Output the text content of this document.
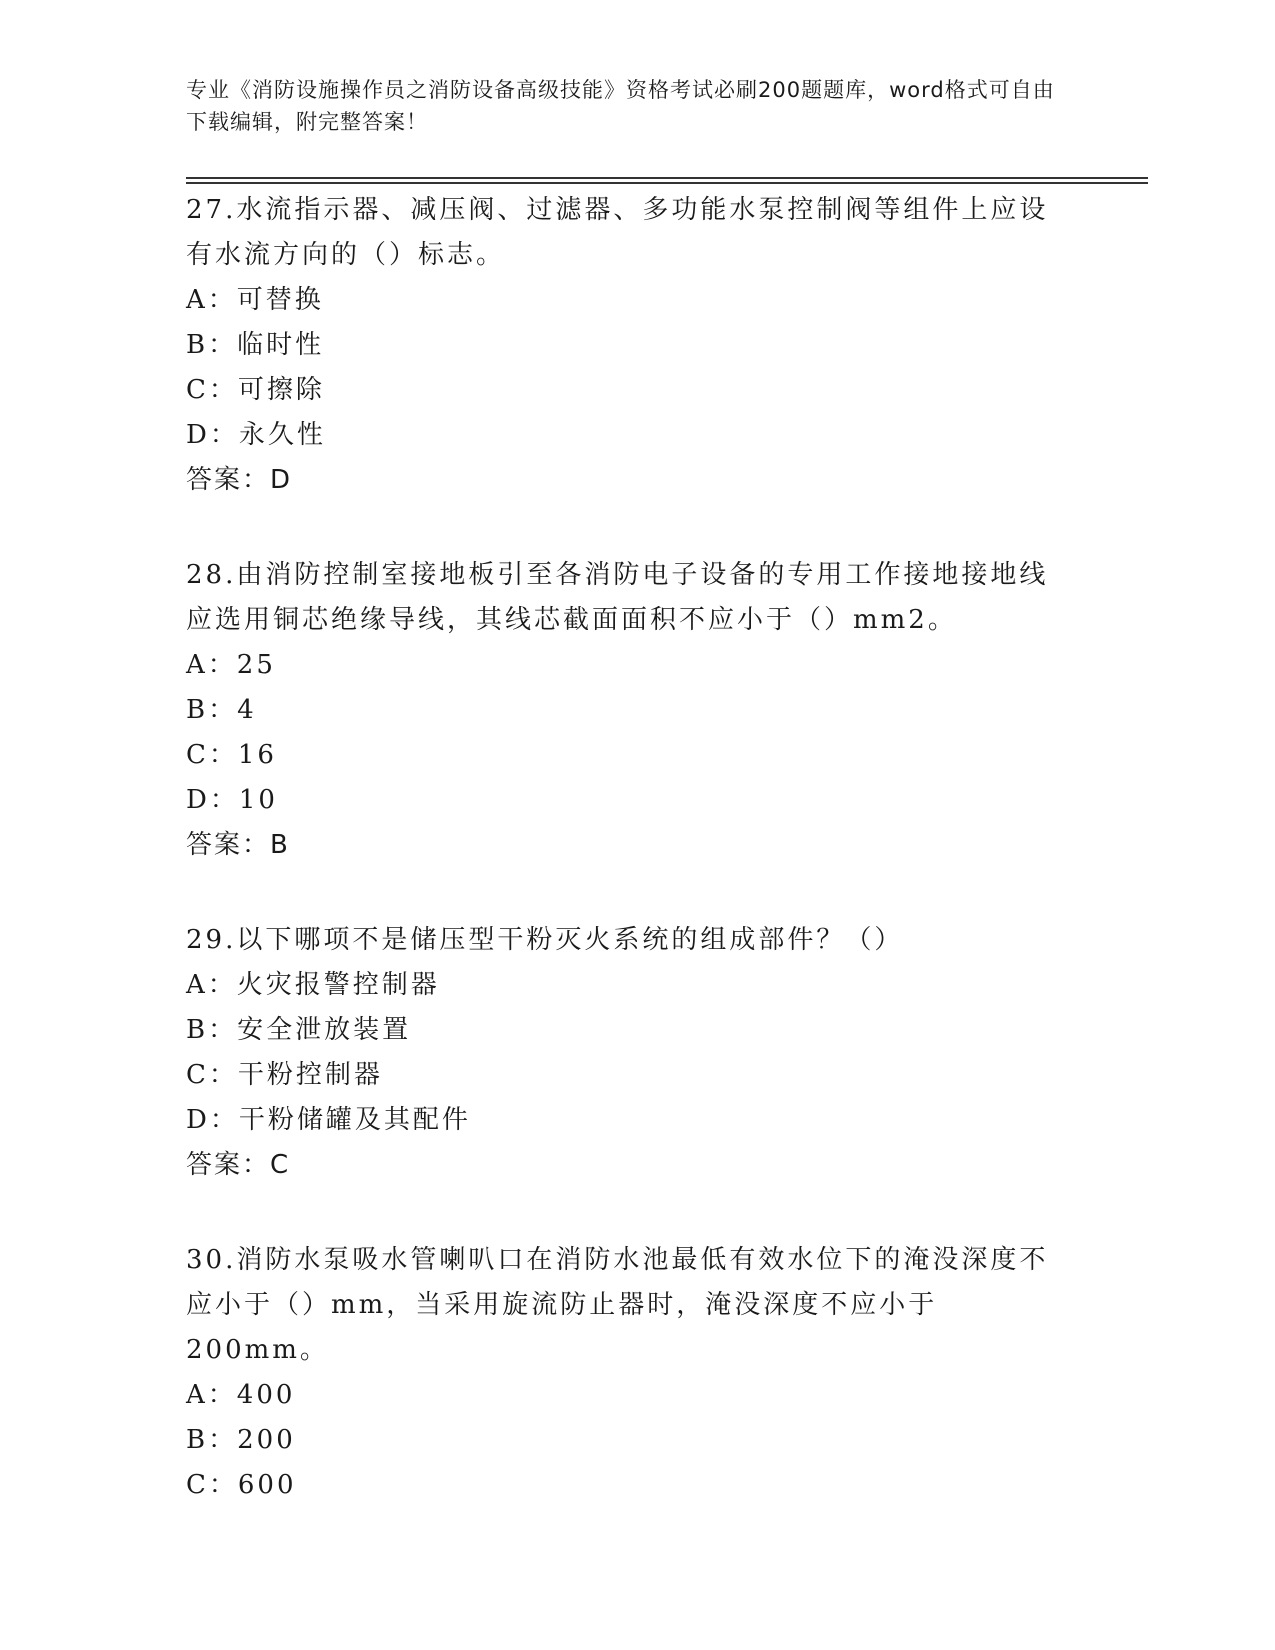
专业《消防设施操作员之消防设备高级技能》资格考试必刷200题题库，word格式可自由下载编辑，附完整答案！

27.水流指示器、减压阀、过滤器、多功能水泵控制阀等组件上应设有水流方向的（）标志。

A：可替换

B：临时性

C：可擦除

D：永久性

答案：D

28.由消防控制室接地板引至各消防电子设备的专用工作接地接地线应选用铜芯绝缘导线，其线芯截面面积不应小于（）mm2。

A：25

B：4

C：16

D：10

答案：B

29.以下哪项不是储压型干粉灭火系统的组成部件？（）

A：火灾报警控制器

B：安全泄放装置

C：干粉控制器

D：干粉储罐及其配件

答案：C

30.消防水泵吸水管喇叭口在消防水池最低有效水位下的淹没深度不应小于（）mm，当采用旋流防止器时，淹没深度不应小于200mm。

A：400

B：200

C：600
